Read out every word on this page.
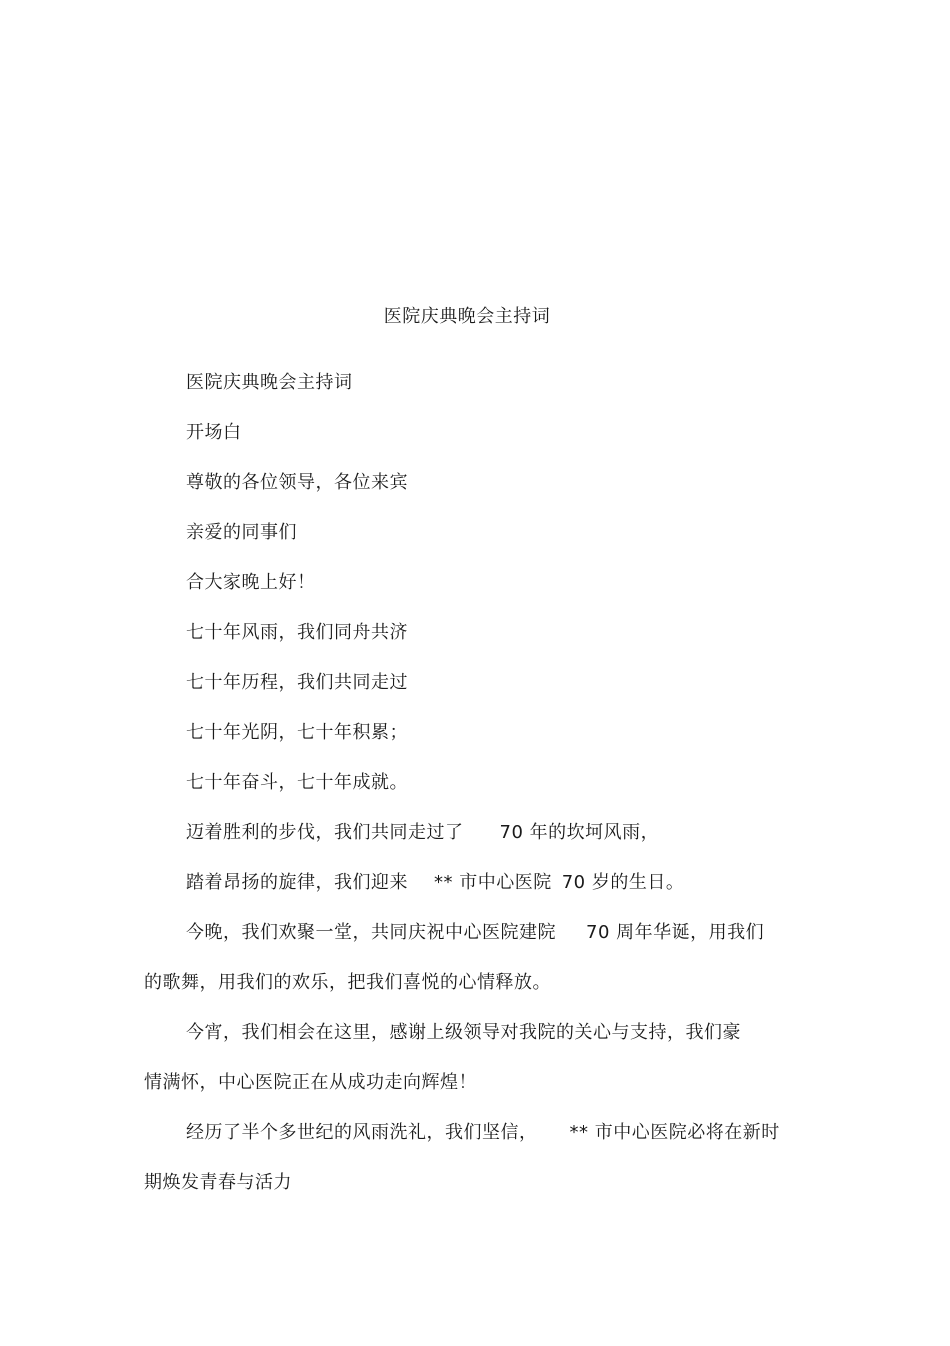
医院庆典晚会主持词
医院庆典晚会主持词
开场白
尊敬的各位领导，各位来宾
亲爱的同事们
合大家晚上好！
七十年风雨，我们同舟共济
七十年历程，我们共同走过
七十年光阴，七十年积累；
七十年奋斗，七十年成就。
迈着胜利的步伐，我们共同走过了 70 年的坎坷风雨，
踏着昂扬的旋律，我们迎来 ** 市中心医院 70 岁的生日。
今晚，我们欢聚一堂，共同庆祝中心医院建院 70 周年华诞，用我们
的歌舞，用我们的欢乐，把我们喜悦的心情释放。
今宵，我们相会在这里，感谢上级领导对我院的关心与支持，我们豪
情满怀，中心医院正在从成功走向辉煌！
经历了半个多世纪的风雨洗礼，我们坚信， ** 市中心医院必将在新时
期焕发青春与活力
